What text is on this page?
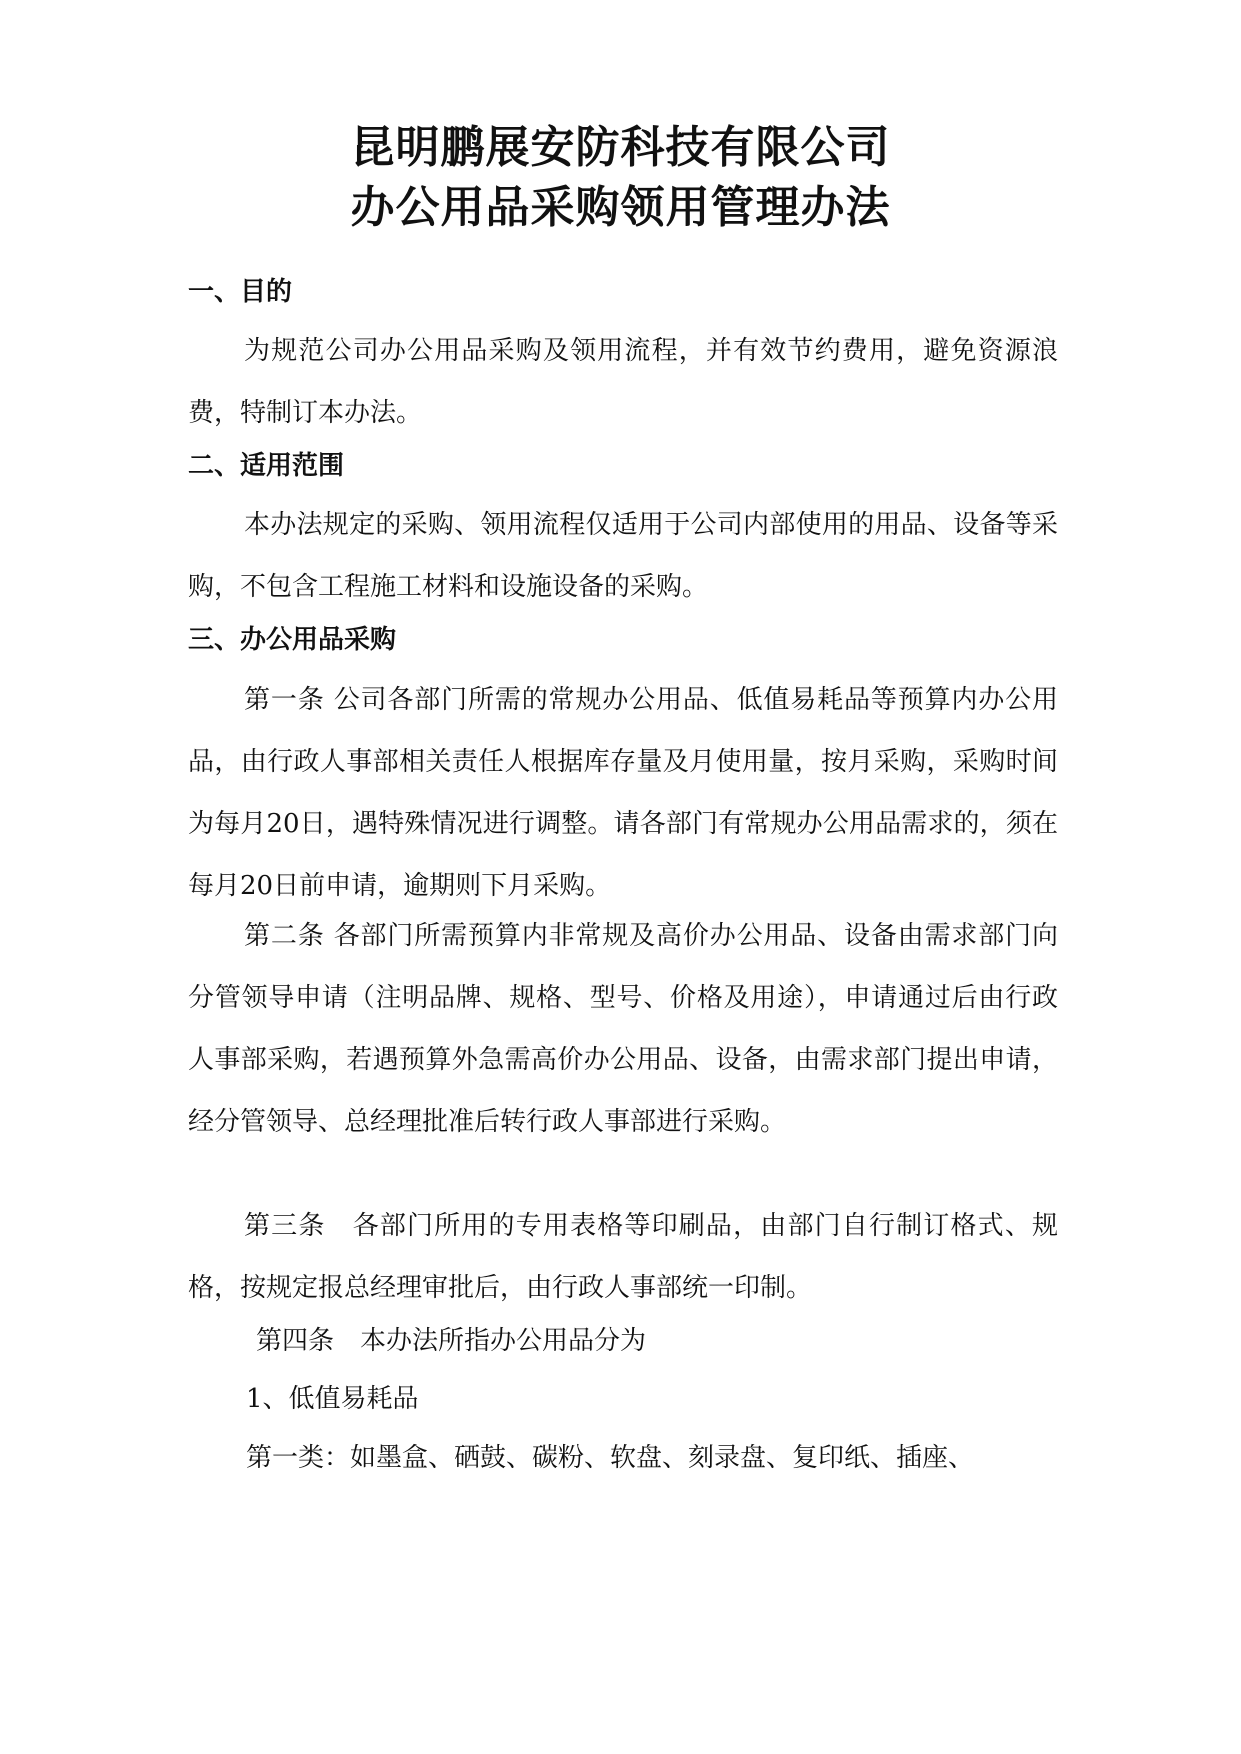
昆明鹏展安防科技有限公司
办公用品采购领用管理办法
一、目的

为规范公司办公用品采购及领用流程，并有效节约费用，避免资源浪费，特制订本办法。

二、适用范围

本办法规定的采购、领用流程仅适用于公司内部使用的用品、设备等采购，不包含工程施工材料和设施设备的采购。

三、办公用品采购

第一条 公司各部门所需的常规办公用品、低值易耗品等预算内办公用品，由行政人事部相关责任人根据库存量及月使用量，按月采购，采购时间为每月20日，遇特殊情况进行调整。请各部门有常规办公用品需求的，须在每月20日前申请，逾期则下月采购。

第二条 各部门所需预算内非常规及高价办公用品、设备由需求部门向分管领导申请（注明品牌、规格、型号、价格及用途），申请通过后由行政人事部采购，若遇预算外急需高价办公用品、设备，由需求部门提出申请，经分管领导、总经理批准后转行政人事部进行采购。

第三条　各部门所用的专用表格等印刷品，由部门自行制订格式、规格，按规定报总经理审批后，由行政人事部统一印制。

第四条　本办法所指办公用品分为

1、低值易耗品

第一类：如墨盒、硒鼓、碳粉、软盘、刻录盘、复印纸、插座、
